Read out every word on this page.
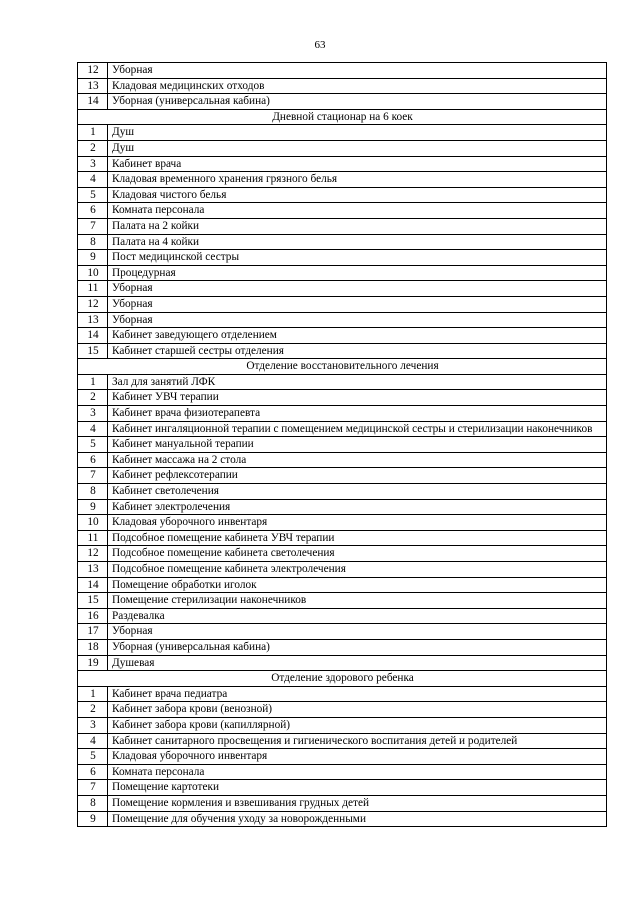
63
12	Уборная
13	Кладовая медицинских отходов
14	Уборная (универсальная кабина)
Дневной стационар на 6 коек	
1	Душ
2	Душ
3	Кабинет врача
4	Кладовая временного хранения грязного белья
5	Кладовая чистого белья
6	Комната персонала
7	Палата на 2 койки
8	Палата на 4 койки
9	Пост медицинской сестры
10	Процедурная
11	Уборная
12	Уборная
13	Уборная
14	Кабинет заведующего отделением
15	Кабинет старшей сестры отделения
Отделение восстановительного лечения	
1	Зал для занятий ЛФК
2	Кабинет УВЧ терапии
3	Кабинет врача физиотерапевта
4	Кабинет ингаляционной терапии с помещением медицинской сестры и стерилизации наконечников
5	Кабинет мануальной терапии
6	Кабинет массажа на 2 стола
7	Кабинет рефлексотерапии
8	Кабинет светолечения
9	Кабинет электролечения
10	Кладовая уборочного инвентаря
11	Подсобное помещение кабинета УВЧ терапии
12	Подсобное помещение кабинета светолечения
13	Подсобное помещение кабинета электролечения
14	Помещение обработки иголок
15	Помещение стерилизации наконечников
16	Раздевалка
17	Уборная
18	Уборная (универсальная кабина)
19	Душевая
Отделение здорового ребенка	
1	Кабинет врача педиатра
2	Кабинет забора крови (венозной)
3	Кабинет забора крови (капиллярной)
4	Кабинет санитарного просвещения и гигиенического воспитания детей и родителей
5	Кладовая уборочного инвентаря
6	Комната персонала
7	Помещение картотеки
8	Помещение кормления и взвешивания грудных детей
9	Помещение для обучения уходу за новорожденными
